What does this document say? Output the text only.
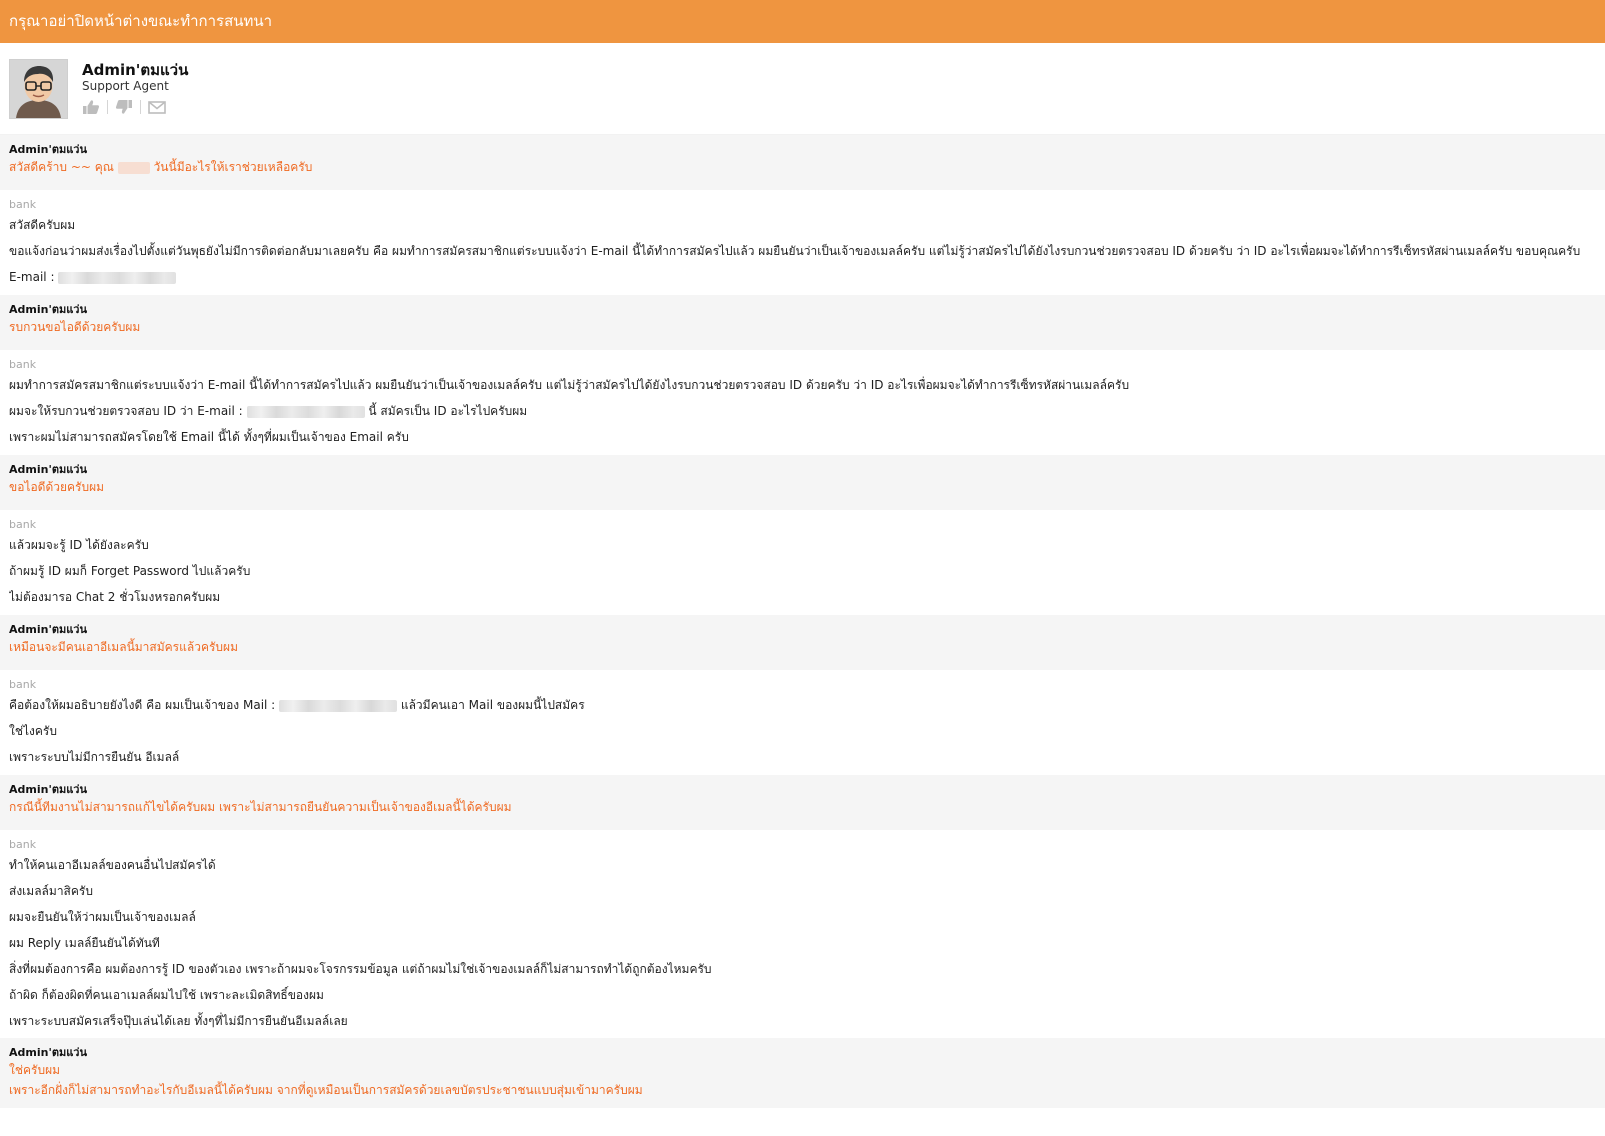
กรุณาอย่าปิดหน้าต่างขณะทำการสนทนา
Admin'ตมแว่น
Support Agent
Admin'ตมแว่น
สวัสดีคร้าบ ~~ คุณ	วันนี้มีอะไรให้เราช่วยเหลือครับ
bank
สวัสดีครับผม
ขอแจ้งก่อนว่าผมส่งเรื่องไปตั้งแต่วันพุธยังไม่มีการติดต่อกลับมาเลยครับ คือ ผมทำการสมัครสมาชิกแต่ระบบแจ้งว่า E-mail นี้ได้ทำการสมัครไปแล้ว ผมยืนยันว่าเป็นเจ้าของเมลล์ครับ แต่ไม่รู้ว่าสมัครไปได้ยังไงรบกวนช่วยตรวจสอบ ID ด้วยครับ ว่า ID อะไรเพื่อผมจะได้ทำการรีเซ็ทรหัสผ่านเมลล์ครับ ขอบคุณครับ
E-mail :
Admin'ตมแว่น
รบกวนขอไอดีด้วยครับผม
bank
ผมทำการสมัครสมาชิกแต่ระบบแจ้งว่า E-mail นี้ได้ทำการสมัครไปแล้ว ผมยืนยันว่าเป็นเจ้าของเมลล์ครับ แต่ไม่รู้ว่าสมัครไปได้ยังไงรบกวนช่วยตรวจสอบ ID ด้วยครับ ว่า ID อะไรเพื่อผมจะได้ทำการรีเซ็ทรหัสผ่านเมลล์ครับ
ผมจะให้รบกวนช่วยตรวจสอบ ID ว่า E-mail :	นี้ สมัครเป็น ID อะไรไปครับผม
เพราะผมไม่สามารถสมัครโดยใช้ Email นี้ได้ ทั้งๆที่ผมเป็นเจ้าของ Email ครับ
Admin'ตมแว่น
ขอไอดีด้วยครับผม
bank
แล้วผมจะรู้ ID ได้ยังละครับ
ถ้าผมรู้ ID ผมก็ Forget Password ไปแล้วครับ
ไม่ต้องมารอ Chat 2 ชั่วโมงหรอกครับผม
Admin'ตมแว่น
เหมือนจะมีคนเอาอีเมลนี้มาสมัครแล้วครับผม
bank
คือต้องให้ผมอธิบายยังไงดี คือ ผมเป็นเจ้าของ Mail :	แล้วมีคนเอา Mail ของผมนี้ไปสมัคร
ใช่ไงครับ
เพราะระบบไม่มีการยืนยัน อีเมลล์
Admin'ตมแว่น
กรณีนี้ทีมงานไม่สามารถแก้ไขได้ครับผม เพราะไม่สามารถยืนยันความเป็นเจ้าของอีเมลนี้ได้ครับผม
bank
ทำให้คนเอาอีเมลล์ของคนอื่นไปสมัครได้
ส่งเมลล์มาสิครับ
ผมจะยืนยันให้ว่าผมเป็นเจ้าของเมลล์
ผม Reply เมลล์ยืนยันได้ทันที
สิ่งที่ผมต้องการคือ ผมต้องการรู้ ID ของตัวเอง เพราะถ้าผมจะโจรกรรมข้อมูล แต่ถ้าผมไม่ใช่เจ้าของเมลล์ก็ไม่สามารถทำได้ถูกต้องไหมครับ
ถ้าผิด ก็ต้องผิดที่คนเอาเมลล์ผมไปใช้ เพราะละเมิดสิทธิ์ของผม
เพราะระบบสมัครเสร็จปุ๊บเล่นได้เลย ทั้งๆที่ไม่มีการยืนยันอีเมลล์เลย
Admin'ตมแว่น
ใช่ครับผม
เพราะอีกฝั่งก็ไม่สามารถทำอะไรกับอีเมลนี้ได้ครับผม จากที่ดูเหมือนเป็นการสมัครด้วยเลขบัตรประชาชนแบบสุ่มเข้ามาครับผม
